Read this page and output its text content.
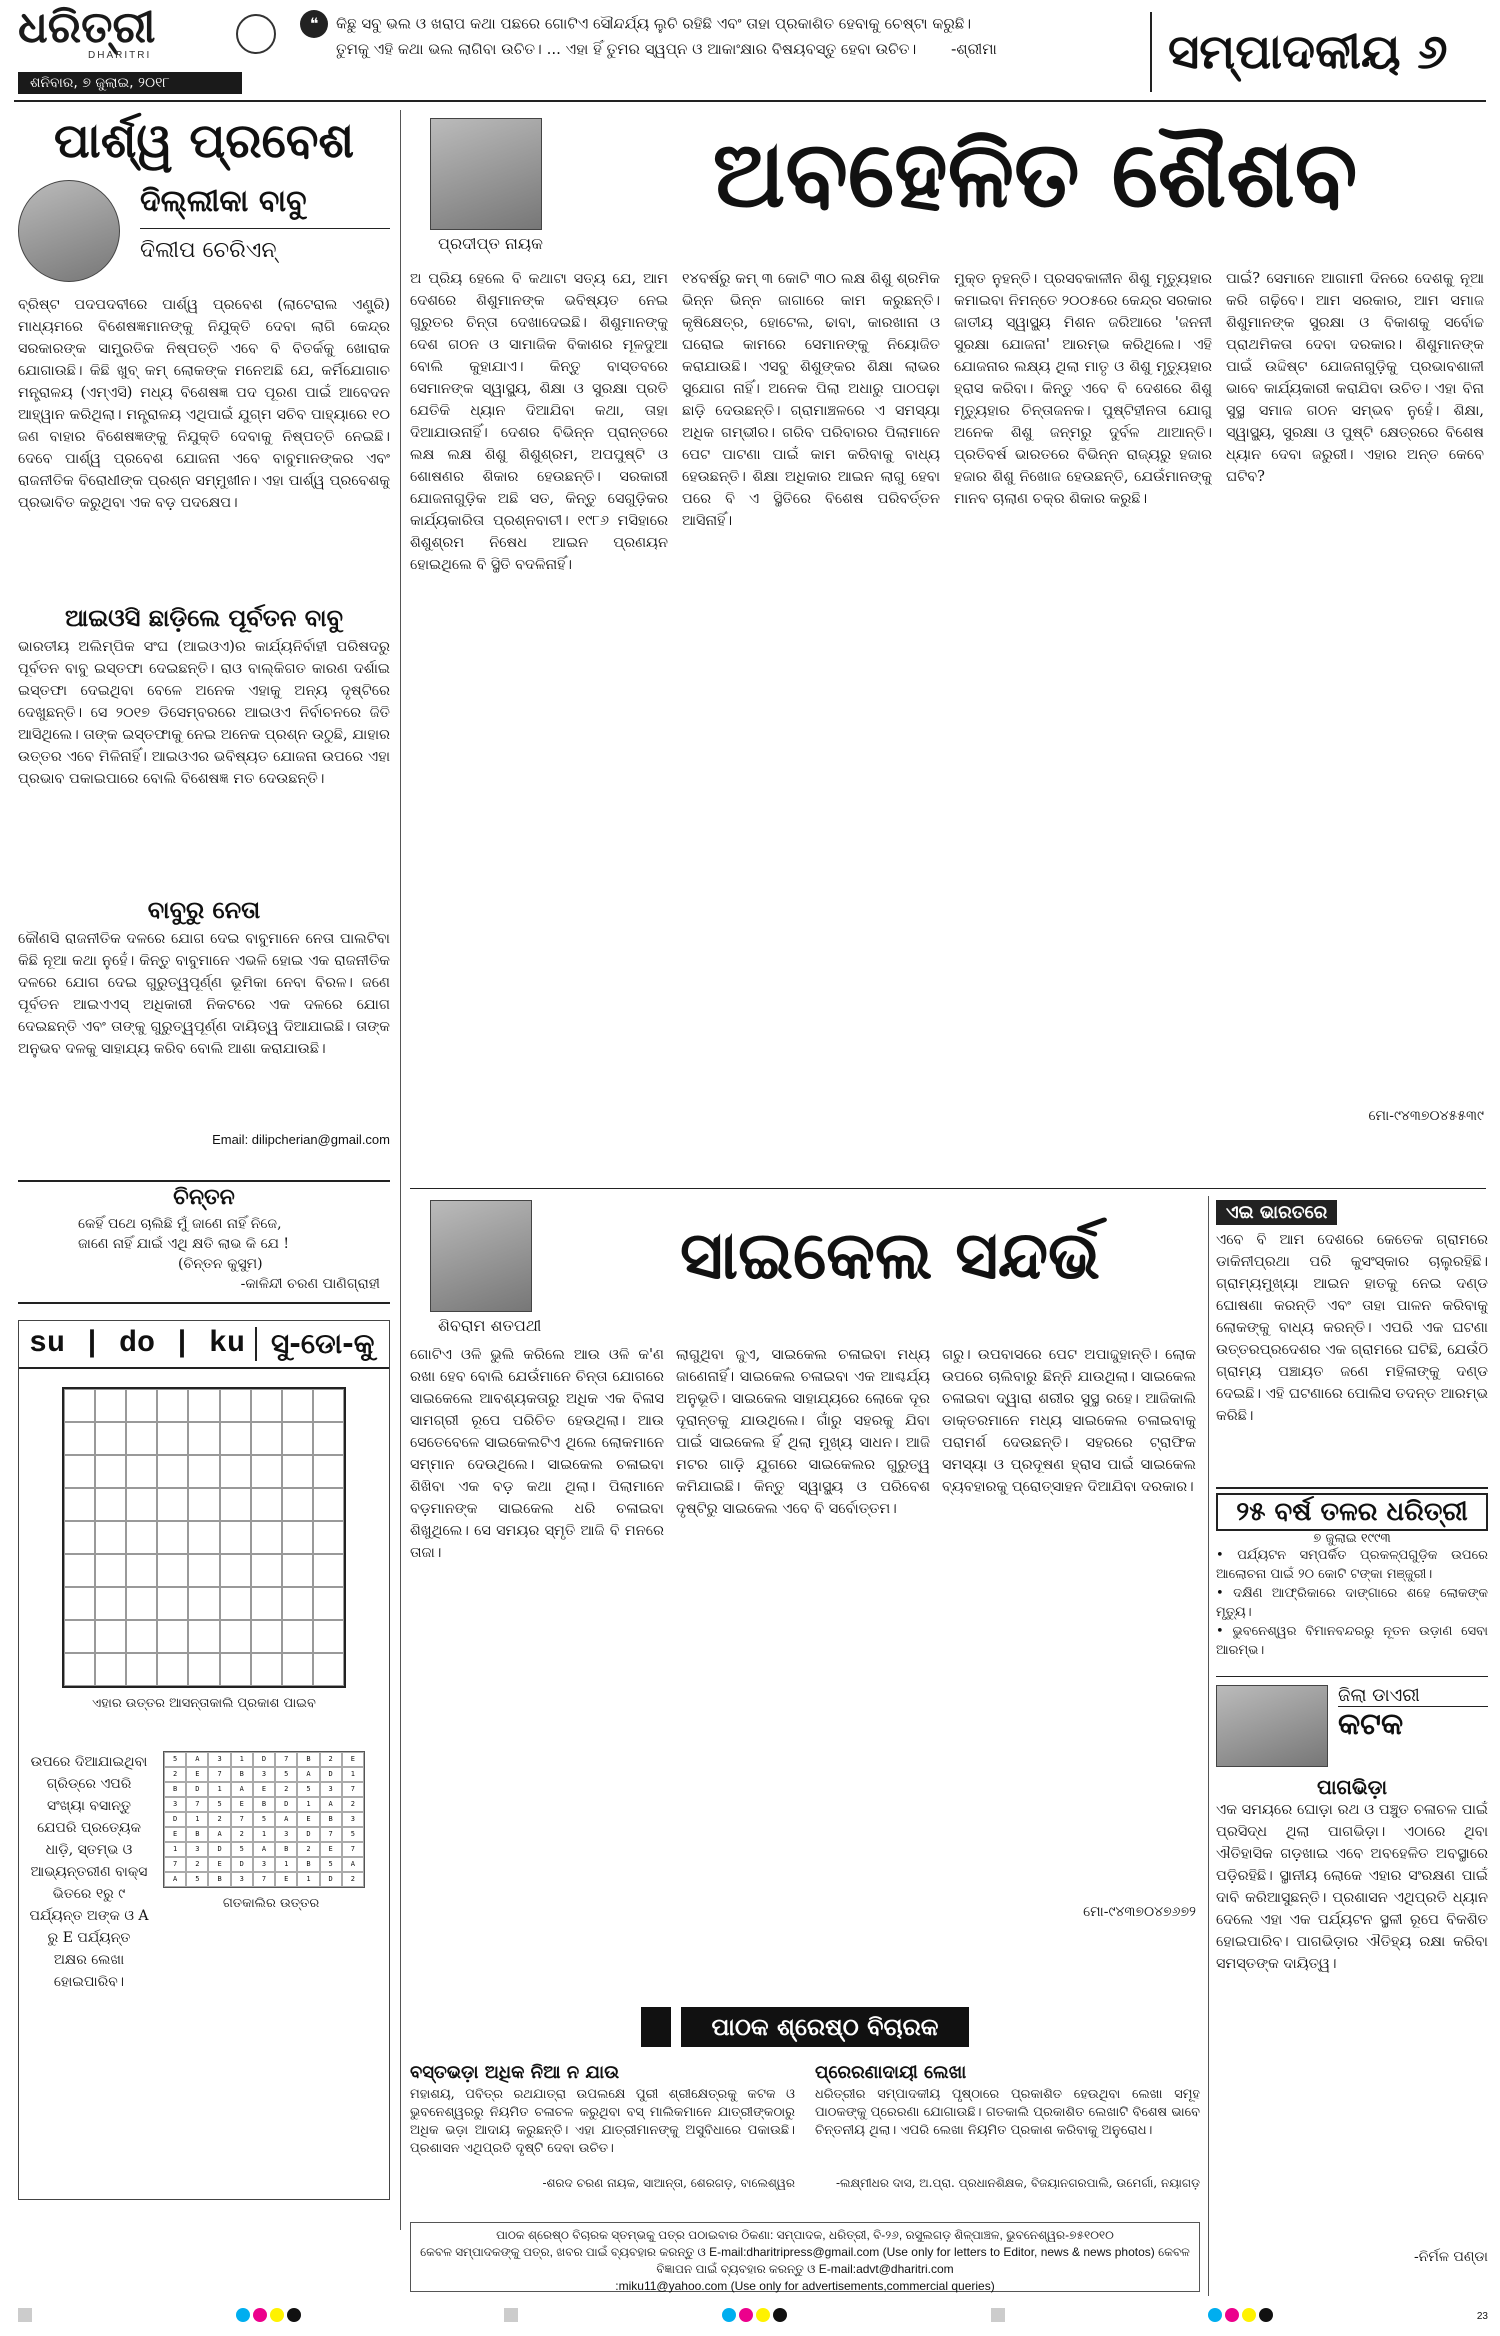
ଧରିତ୍ରୀ
DHARITRI
ଶନିବାର, ୭ ଜୁଲାଇ, ୨୦୧୮
❝ କିଛୁ ସବୁ ଭଲ ଓ ଖରାପ କଥା ପଛରେ ଗୋଟିଏ ସୌନ୍ଦର୍ଯ୍ୟ ଲୁଚି ରହିଛି ଏବଂ ତାହା ପ୍ରକାଶିତ ହେବାକୁ ଚେଷ୍ଟା କରୁଛି।
ତୁମକୁ ଏହି କଥା ଭଲ ଲାଗିବା ଉଚିତ। ... ଏହା ହିଁ ତୁମର ସ୍ୱପ୍ନ ଓ ଆକାଂକ୍ଷାର ବିଷୟବସ୍ତୁ ହେବା ଉଚିତ। -ଶ୍ରୀମା	ସମ୍ପାଦକୀୟ ୬
ପାର୍ଶ୍ୱ ପ୍ରବେଶ
ଦିଲ୍ଲୀକା ବାବୁ
ଦିଲୀପ ଚେରିଏନ୍
ବ୍ରିଷ୍ଟ ପଦପଦବୀରେ ପାର୍ଶ୍ୱ ପ୍ରବେଶ (ଲାଟେରାଲ ଏଣ୍ଟ୍ରି) ମାଧ୍ୟମରେ ବିଶେଷଜ୍ଞମାନଙ୍କୁ ନିଯୁକ୍ତି ଦେବା ଲାଗି କେନ୍ଦ୍ର ସରକାରଙ୍କ ସାମ୍ପ୍ରତିକ ନିଷ୍ପତ୍ତି ଏବେ ବି ବିତର୍କକୁ ଖୋରାକ ଯୋଗାଉଛି। କିଛି ଖୁବ୍ କମ୍ ଲୋକଙ୍କ ମନେଅଛି ଯେ, କର୍ମିଯୋଗାଚ ମନ୍ତ୍ରାଳୟ (ଏମ୍ଏସି) ମଧ୍ୟ ବିଶେଷଜ୍ଞ ପଦ ପୂରଣ ପାଇଁ ଆବେଦନ ଆହ୍ୱାନ କରିଥିଲା। ମନ୍ତ୍ରାଳୟ ଏଥିପାଇଁ ଯୁଗ୍ମ ସଚିବ ପାହ୍ୟାରେ ୧୦ ଜଣ ବାହାର ବିଶେଷଜ୍ଞଙ୍କୁ ନିଯୁକ୍ତି ଦେବାକୁ ନିଷ୍ପତ୍ତି ନେଇଛି। ଦେବେ ପାର୍ଶ୍ୱ ପ୍ରବେଶ ଯୋଜନା ଏବେ ବାବୁମାନଙ୍କର ଏବଂ ରାଜନୀତିକ ବିରୋଧୀଙ୍କ ପ୍ରଶ୍ନ ସମ୍ମୁଖୀନ। ଏହା ପାର୍ଶ୍ୱ ପ୍ରବେଶକୁ ପ୍ରଭାବିତ କରୁଥିବା ଏକ ବଡ଼ ପଦକ୍ଷେପ।
ଆଇଓସି ଛାଡ଼ିଲେ ପୂର୍ବତନ ବାବୁ
ଭାରତୀୟ ଅଲିମ୍ପିକ ସଂଘ (ଆଇଓଏ)ର କାର୍ଯ୍ୟନିର୍ବାହୀ ପରିଷଦରୁ ପୂର୍ବତନ ବାବୁ ଇସ୍ତଫା ଦେଇଛନ୍ତି। ରାଓ ବାଲ୍କିଗତ କାରଣ ଦର୍ଶାଇ ଇସ୍ତଫା ଦେଇଥିବା ବେଳେ ଅନେକ ଏହାକୁ ଅନ୍ୟ ଦୃଷ୍ଟିରେ ଦେଖୁଛନ୍ତି। ସେ ୨୦୧୭ ଡିସେମ୍ବରରେ ଆଇଓଏ ନିର୍ବାଚନରେ ଜିତି ଆସିଥିଲେ। ତାଙ୍କ ଇସ୍ତଫାକୁ ନେଇ ଅନେକ ପ୍ରଶ୍ନ ଉଠୁଛି, ଯାହାର ଉତ୍ତର ଏବେ ମିଳିନାହିଁ। ଆଇଓଏର ଭବିଷ୍ୟତ ଯୋଜନା ଉପରେ ଏହା ପ୍ରଭାବ ପକାଇପାରେ ବୋଲି ବିଶେଷଜ୍ଞ ମତ ଦେଉଛନ୍ତି।
ବାବୁରୁ ନେତା
କୌଣସି ରାଜନୀତିକ ଦଳରେ ଯୋଗ ଦେଇ ବାବୁମାନେ ନେତା ପାଲଟିବା କିଛି ନୂଆ କଥା ନୁହେଁ। କିନ୍ତୁ ବାବୁମାନେ ଏଭଳି ହୋଇ ଏକ ରାଜନୀତିକ ଦଳରେ ଯୋଗ ଦେଇ ଗୁରୁତ୍ୱପୂର୍ଣ୍ଣ ଭୂମିକା ନେବା ବିରଳ। ଜଣେ ପୂର୍ବତନ ଆଇଏଏସ୍ ଅଧିକାରୀ ନିକଟରେ ଏକ ଦଳରେ ଯୋଗ ଦେଇଛନ୍ତି ଏବଂ ତାଙ୍କୁ ଗୁରୁତ୍ୱପୂର୍ଣ୍ଣ ଦାୟିତ୍ୱ ଦିଆଯାଇଛି। ତାଙ୍କ ଅନୁଭବ ଦଳକୁ ସାହାଯ୍ୟ କରିବ ବୋଲି ଆଶା କରାଯାଉଛି।
Email: dilipcherian@gmail.com
ଚିନ୍ତନ
କେହିଁ ପଥେ ଚାଲିଛି ମୁଁ ଜାଣେ ନାହିଁ ନିଜେ,
ଜାଣେ ନାହିଁ ଯାଇଁ ଏଥି କ୍ଷତି ଲାଭ କି ଯେ !
(ଚିନ୍ତନ କୁସୁମ)
-କାଳିନ୍ଦୀ ଚରଣ ପାଣିଗ୍ରାହୀ
su | do | ku ସୁ-ଡୋ-କୁ
ଏହାର ଉତ୍ତର ଆସନ୍ତାକାଲି ପ୍ରକାଶ ପାଇବ
ଉପରେ ଦିଆଯାଇଥିବା ଗ୍ରିଡ୍‌ରେ ଏପରି ସଂଖ୍ୟା ବସାନ୍ତୁ ଯେପରି ପ୍ରତ୍ୟେକ ଧାଡ଼ି, ସ୍ତମ୍ଭ ଓ ଆଭ୍ୟନ୍ତରୀଣ ବାକ୍ସ ଭିତରେ ୧ରୁ ୯ ପର୍ଯ୍ୟନ୍ତ ଅଙ୍କ ଓ A ରୁ E ପର୍ଯ୍ୟନ୍ତ ଅକ୍ଷର ଲେଖା ହୋଇପାରିବ।
5	A	3	1	D	7	B	2	E
2	E	7	B	3	5	A	D	1
B	D	1	A	E	2	5	3	7
3	7	5	E	B	D	1	A	2
D	1	2	7	5	A	E	B	3
E	B	A	2	1	3	D	7	5
1	3	D	5	A	B	2	E	7
7	2	E	D	3	1	B	5	A
A	5	B	3	7	E	1	D	2
ଗତକାଲିର ଉତ୍ତର
ପ୍ରଦୀପ୍ତ ନାୟକ
ଅବହେଳିତ ଶୈଶବ
ଅ ପ୍ରିୟ ହେଲେ ବି କଥାଟା ସତ୍ୟ ଯେ, ଆମ ଦେଶରେ ଶିଶୁମାନଙ୍କ ଭବିଷ୍ୟତ ନେଇ ଗୁରୁତର ଚିନ୍ତା ଦେଖାଦେଇଛି। ଶିଶୁମାନଙ୍କୁ ଦେଶ ଗଠନ ଓ ସାମାଜିକ ବିକାଶର ମୂଳଦୁଆ ବୋଲି କୁହାଯାଏ। କିନ୍ତୁ ବାସ୍ତବରେ ସେମାନଙ୍କ ସ୍ୱାସ୍ଥ୍ୟ, ଶିକ୍ଷା ଓ ସୁରକ୍ଷା ପ୍ରତି ଯେତିକି ଧ୍ୟାନ ଦିଆଯିବା କଥା, ତାହା ଦିଆଯାଉନାହିଁ। ଦେଶର ବିଭିନ୍ନ ପ୍ରାନ୍ତରେ ଲକ୍ଷ ଲକ୍ଷ ଶିଶୁ ଶିଶୁଶ୍ରମ, ଅପପୁଷ୍ଟି ଓ ଶୋଷଣର ଶିକାର ହେଉଛନ୍ତି। ସରକାରୀ ଯୋଜନାଗୁଡ଼ିକ ଅଛି ସତ, କିନ୍ତୁ ସେଗୁଡ଼ିକର କାର୍ଯ୍ୟକାରିତା ପ୍ରଶ୍ନବାଚୀ। ୧୯୮୬ ମସିହାରେ ଶିଶୁଶ୍ରମ ନିଷେଧ ଆଇନ ପ୍ରଣୟନ ହୋଇଥିଲେ ବି ସ୍ଥିତି ବଦଳିନାହିଁ।
୧୪ବର୍ଷରୁ କମ୍ ୩ କୋଟି ୩୦ ଲକ୍ଷ ଶିଶୁ ଶ୍ରମିକ ଭିନ୍ନ ଭିନ୍ନ ଜାଗାରେ କାମ କରୁଛନ୍ତି। କୃଷିକ୍ଷେତ୍ର, ହୋଟେଲ, ଢାବା, କାରଖାନା ଓ ଘରୋଇ କାମରେ ସେମାନଙ୍କୁ ନିୟୋଜିତ କରାଯାଉଛି। ଏସବୁ ଶିଶୁଙ୍କର ଶିକ୍ଷା ଲାଭର ସୁଯୋଗ ନାହିଁ। ଅନେକ ପିଲା ଅଧାରୁ ପାଠପଢ଼ା ଛାଡ଼ି ଦେଉଛନ୍ତି। ଗ୍ରାମାଞ୍ଚଳରେ ଏ ସମସ୍ୟା ଅଧିକ ଗମ୍ଭୀର। ଗରିବ ପରିବାରର ପିଲାମାନେ ପେଟ ପାଟଣା ପାଇଁ କାମ କରିବାକୁ ବାଧ୍ୟ ହେଉଛନ୍ତି। ଶିକ୍ଷା ଅଧିକାର ଆଇନ ଲାଗୁ ହେବା ପରେ ବି ଏ ସ୍ଥିତିରେ ବିଶେଷ ପରିବର୍ତ୍ତନ ଆସିନାହିଁ।
ମୁକ୍ତ ନୁହନ୍ତି। ପ୍ରସବକାଳୀନ ଶିଶୁ ମୃତ୍ୟୁହାର କମାଇବା ନିମନ୍ତେ ୨୦୦୫ରେ କେନ୍ଦ୍ର ସରକାର ଜାତୀୟ ସ୍ୱାସ୍ଥ୍ୟ ମିଶନ ଜରିଆରେ 'ଜନନୀ ସୁରକ୍ଷା ଯୋଜନା' ଆରମ୍ଭ କରିଥିଲେ। ଏହି ଯୋଜନାର ଲକ୍ଷ୍ୟ ଥିଲା ମାତୃ ଓ ଶିଶୁ ମୃତ୍ୟୁହାର ହ୍ରାସ କରିବା। କିନ୍ତୁ ଏବେ ବି ଦେଶରେ ଶିଶୁ ମୃତ୍ୟୁହାର ଚିନ୍ତାଜନକ। ପୁଷ୍ଟିହୀନତା ଯୋଗୁ ଅନେକ ଶିଶୁ ଜନ୍ମରୁ ଦୁର୍ବଳ ଥାଆନ୍ତି। ପ୍ରତିବର୍ଷ ଭାରତରେ ବିଭିନ୍ନ ରାଜ୍ୟରୁ ହଜାର ହଜାର ଶିଶୁ ନିଖୋଜ ହେଉଛନ୍ତି, ଯେଉଁମାନଙ୍କୁ ମାନବ ଚାଲାଣ ଚକ୍ର ଶିକାର କରୁଛି।
ପାଇଁ? ସେମାନେ ଆଗାମୀ ଦିନରେ ଦେଶକୁ ନୂଆ କରି ଗଢ଼ିବେ। ଆମ ସରକାର, ଆମ ସମାଜ ଶିଶୁମାନଙ୍କ ସୁରକ୍ଷା ଓ ବିକାଶକୁ ସର୍ବୋଚ୍ଚ ପ୍ରାଥମିକତା ଦେବା ଦରକାର। ଶିଶୁମାନଙ୍କ ପାଇଁ ଉଦ୍ଦିଷ୍ଟ ଯୋଜନାଗୁଡ଼ିକୁ ପ୍ରଭାବଶାଳୀ ଭାବେ କାର୍ଯ୍ୟକାରୀ କରାଯିବା ଉଚିତ। ଏହା ବିନା ସୁସ୍ଥ ସମାଜ ଗଠନ ସମ୍ଭବ ନୁହେଁ। ଶିକ୍ଷା, ସ୍ୱାସ୍ଥ୍ୟ, ସୁରକ୍ଷା ଓ ପୁଷ୍ଟି କ୍ଷେତ୍ରରେ ବିଶେଷ ଧ୍ୟାନ ଦେବା ଜରୁରୀ। ଏହାର ଅନ୍ତ କେବେ ଘଟିବ?
ମୋ-୯୪୩୭୦୪୫୫୩୯
ଶିବରାମ ଶତପଥୀ
ସାଇକେଲ ସନ୍ଦର୍ଭ
ଗୋଟିଏ ଓଳି ଭୁଲି କରିଲେ ଆଉ ଓଳି କ'ଣ ରଖା ହେବ ବୋଲି ଯେଉଁମାନେ ଚିନ୍ତା ଯୋଗରେ ସାଇକେଲେ ଆବଶ୍ୟକତାରୁ ଅଧିକ ଏକ ବିଳାସ ସାମଗ୍ରୀ ରୂପେ ପରିଚିତ ହେଉଥିଲା। ଆଉ ସେତେବେଳେ ସାଇକେଲଟିଏ ଥିଲେ ଲୋକମାନେ ସମ୍ମାନ ଦେଉଥିଲେ। ସାଇକେଲ ଚଳାଇବା ଶିଖିବା ଏକ ବଡ଼ କଥା ଥିଲା। ପିଲାମାନେ ବଡ଼ମାନଙ୍କ ସାଇକେଲ ଧରି ଚଳାଇବା ଶିଖୁଥିଲେ। ସେ ସମୟର ସ୍ମୃତି ଆଜି ବି ମନରେ ତାଜା।
ଲାଗୁଥିବା ଜୁଏ, ସାଇକେଲ ଚଳାଇବା ମଧ୍ୟ ଜାଣେନାହିଁ। ସାଇକେଲ ଚଳାଇବା ଏକ ଆଶ୍ଚର୍ଯ୍ୟ ଅନୁଭୂତି। ସାଇକେଲ ସାହାଯ୍ୟରେ ଲୋକେ ଦୂର ଦୂରାନ୍ତକୁ ଯାଉଥିଲେ। ଗାଁରୁ ସହରକୁ ଯିବା ପାଇଁ ସାଇକେଲ ହିଁ ଥିଲା ମୁଖ୍ୟ ସାଧନ। ଆଜି ମଟର ଗାଡ଼ି ଯୁଗରେ ସାଇକେଲର ଗୁରୁତ୍ୱ କମିଯାଇଛି। କିନ୍ତୁ ସ୍ୱାସ୍ଥ୍ୟ ଓ ପରିବେଶ ଦୃଷ୍ଟିରୁ ସାଇକେଲ ଏବେ ବି ସର୍ବୋତ୍ତମ।
ଗରୁ। ଉପବାସରେ ପେଟ ଅପାଦ୍ଦୁହାନ୍ତି। ଲୋକ ଉପରେ ଚାଲିବାରୁ ଛିନ୍ନି ଯାଉଥିଲା। ସାଇକେଲ ଚଳାଇବା ଦ୍ୱାରା ଶରୀର ସୁସ୍ଥ ରହେ। ଆଜିକାଲି ଡାକ୍ତରମାନେ ମଧ୍ୟ ସାଇକେଲ ଚଳାଇବାକୁ ପରାମର୍ଶ ଦେଉଛନ୍ତି। ସହରରେ ଟ୍ରାଫିକ ସମସ୍ୟା ଓ ପ୍ରଦୂଷଣ ହ୍ରାସ ପାଇଁ ସାଇକେଲ ବ୍ୟବହାରକୁ ପ୍ରୋତ୍ସାହନ ଦିଆଯିବା ଦରକାର।
ମୋ-୯୪୩୭୦୪୭୬୭୨
ପାଠକ ଶ୍ରେଷ୍ଠ ବିଚାରକ
ବସ୍ତଭଡ଼ା ଅଧିକ ନିଆ ନ ଯାଉ
ମହାଶୟ, ପବିତ୍ର ରଥଯାତ୍ରା ଉପଲକ୍ଷେ ପୁରୀ ଶ୍ରୀକ୍ଷେତ୍ରକୁ କଟକ ଓ ଭୁବନେଶ୍ୱରରୁ ନିୟମିତ ଚଳାଚଳ କରୁଥିବା ବସ୍ ମାଲିକମାନେ ଯାତ୍ରୀଙ୍କଠାରୁ ଅଧିକ ଭଡ଼ା ଆଦାୟ କରୁଛନ୍ତି। ଏହା ଯାତ୍ରୀମାନଙ୍କୁ ଅସୁବିଧାରେ ପକାଉଛି। ପ୍ରଶାସନ ଏଥିପ୍ରତି ଦୃଷ୍ଟି ଦେବା ଉଚିତ।
-ଶରଦ ଚରଣ ନାୟକ, ସାଆନ୍ତା, ଶେରଗଡ଼, ବାଲେଶ୍ୱର
ପ୍ରେରଣାଦାୟୀ ଲେଖା
ଧରିତ୍ରୀର ସମ୍ପାଦକୀୟ ପୃଷ୍ଠାରେ ପ୍ରକାଶିତ ହେଉଥିବା ଲେଖା ସମୂହ ପାଠକଙ୍କୁ ପ୍ରେରଣା ଯୋଗାଉଛି। ଗତକାଲି ପ୍ରକାଶିତ ଲେଖାଟି ବିଶେଷ ଭାବେ ଚିନ୍ତନୀୟ ଥିଲା। ଏପରି ଲେଖା ନିୟମିତ ପ୍ରକାଶ କରିବାକୁ ଅନୁରୋଧ।
-ଲକ୍ଷ୍ମୀଧର ଦାସ, ଅ.ପ୍ରା. ପ୍ରଧାନଶିକ୍ଷକ, ବିଜୟାନଗରପାଲି, ଉମେର୍ଗା, ନୟାଗଡ଼
ପାଠକ ଶ୍ରେଷ୍ଠ ବିଚାରକ ସ୍ତମ୍ଭକୁ ପତ୍ର ପଠାଇବାର ଠିକଣା: ସମ୍ପାଦକ, ଧରିତ୍ରୀ, ବି-୨୬, ରସୁଲଗଡ଼ ଶିଳ୍ପାଞ୍ଚଳ, ଭୁବନେଶ୍ୱର-୭୫୧୦୧୦
କେବଳ ସମ୍ପାଦକଙ୍କୁ ପତ୍ର, ଖବର ପାଇଁ ବ୍ୟବହାର କରନ୍ତୁ ଓ E-mail:dharitripress@gmail.com (Use only for letters to Editor, news & news photos) କେବଳ ବିଜ୍ଞାପନ ପାଇଁ ବ୍ୟବହାର କରନ୍ତୁ ଓ E-mail:advt@dharitri.com
:miku11@yahoo.com (Use only for advertisements,commercial queries)
ଏଇ ଭାରତରେ
ଏବେ ବି ଆମ ଦେଶରେ କେତେକ ଗ୍ରାମରେ ଡାକିନୀପ୍ରଥା ପରି କୁସଂସ୍କାର ଚାଲୁରହିଛି। ଗ୍ରାମ୍ୟମୁଖ୍ୟା ଆଇନ ହାତକୁ ନେଇ ଦଣ୍ଡ ଘୋଷଣା କରନ୍ତି ଏବଂ ତାହା ପାଳନ କରିବାକୁ ଲୋକଙ୍କୁ ବାଧ୍ୟ କରନ୍ତି। ଏପରି ଏକ ଘଟଣା ଉତ୍ତରପ୍ରଦେଶର ଏକ ଗ୍ରାମରେ ଘଟିଛି, ଯେଉଁଠି ଗ୍ରାମ୍ୟ ପଞ୍ଚାୟତ ଜଣେ ମହିଳାଙ୍କୁ ଦଣ୍ଡ ଦେଇଛି। ଏହି ଘଟଣାରେ ପୋଲିସ ତଦନ୍ତ ଆରମ୍ଭ କରିଛି।
୨୫ ବର୍ଷ ତଳର ଧରିତ୍ରୀ
୭ ଜୁଲାଇ ୧୯୯୩
• ପର୍ଯ୍ୟଟନ ସମ୍ପର୍କିତ ପ୍ରକଳ୍ପଗୁଡ଼ିକ ଉପରେ ଆଲୋଚନା ପାଇଁ ୨୦ କୋଟି ଟଙ୍କା ମଞ୍ଜୁରୀ।
• ଦକ୍ଷିଣ ଆଫ୍ରିକାରେ ଦାଙ୍ଗାରେ ଶହେ ଲୋକଙ୍କ ମୃତ୍ୟୁ।
• ଭୁବନେଶ୍ୱର ବିମାନବନ୍ଦରରୁ ନୂତନ ଉଡ଼ାଣ ସେବା ଆରମ୍ଭ।
ଜିଲା ଡାଏରୀ
କଟକ
ପାଗଭିଡ଼ା
ଏକ ସମୟରେ ଘୋଡ଼ା ରଥ ଓ ପଞ୍ଚୁତ ଚଳାଚଳ ପାଇଁ ପ୍ରସିଦ୍ଧ ଥିଲା ପାଗଭିଡ଼ା। ଏଠାରେ ଥିବା ଐତିହାସିକ ଗଡ଼ଖାଇ ଏବେ ଅବହେଳିତ ଅବସ୍ଥାରେ ପଡ଼ିରହିଛି। ସ୍ଥାନୀୟ ଲୋକେ ଏହାର ସଂରକ୍ଷଣ ପାଇଁ ଦାବି କରିଆସୁଛନ୍ତି। ପ୍ରଶାସନ ଏଥିପ୍ରତି ଧ୍ୟାନ ଦେଲେ ଏହା ଏକ ପର୍ଯ୍ୟଟନ ସ୍ଥଳୀ ରୂପେ ବିକଶିତ ହୋଇପାରିବ। ପାଗଭିଡ଼ାର ଐତିହ୍ୟ ରକ୍ଷା କରିବା ସମସ୍ତଙ୍କ ଦାୟିତ୍ୱ।
-ନିର୍ମଳ ପଣ୍ଡା
23
